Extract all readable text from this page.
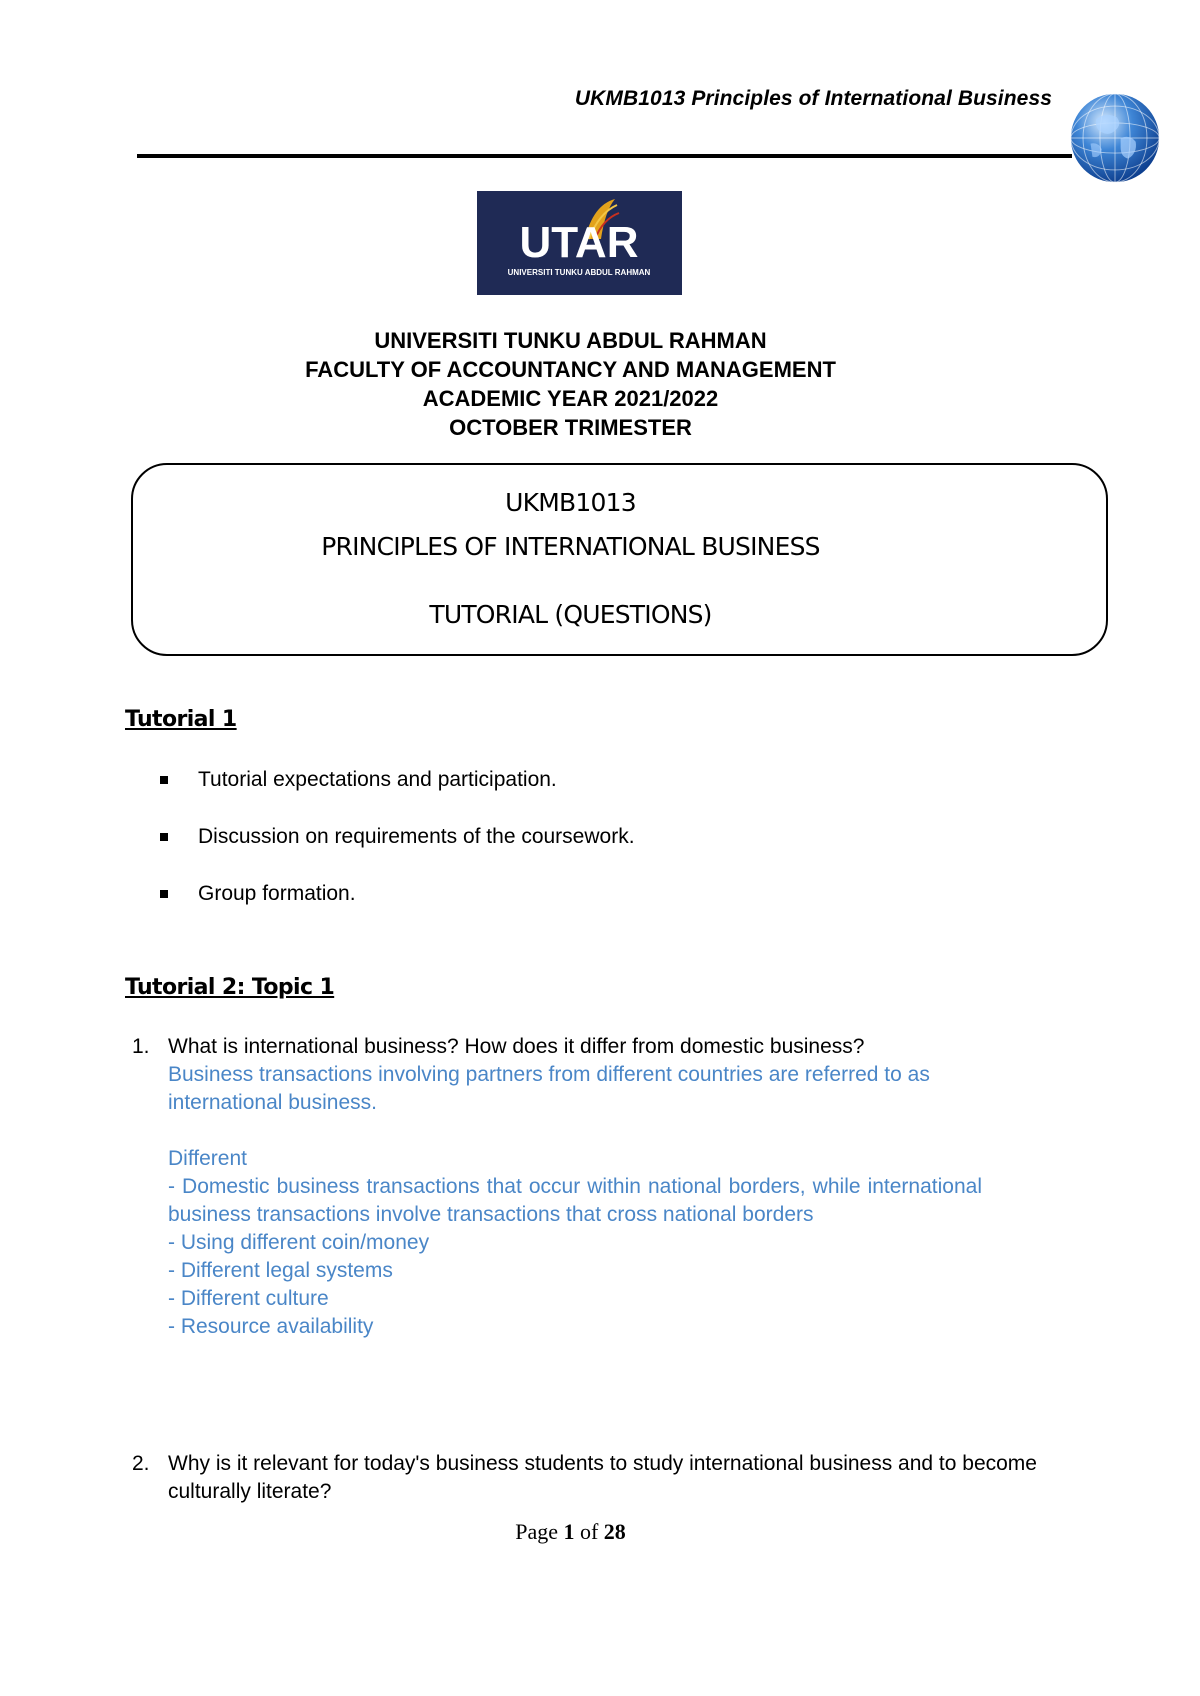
UKMB1013 Principles of International Business
UTAR
UNIVERSITI TUNKU ABDUL RAHMAN
UNIVERSITI TUNKU ABDUL RAHMAN
FACULTY OF ACCOUNTANCY AND MANAGEMENT
ACADEMIC YEAR 2021/2022
OCTOBER TRIMESTER
UKMB1013
PRINCIPLES OF INTERNATIONAL BUSINESS
TUTORIAL (QUESTIONS)
Tutorial 1
Tutorial expectations and participation.
Discussion on requirements of the coursework.
Group formation.
Tutorial 2: Topic 1
1. What is international business? How does it differ from domestic business?

Business transactions involving partners from different countries are referred to as international business.

Different

- Domestic business transactions that occur within national borders, while international business transactions involve transactions that cross national borders

- Using different coin/money

- Different legal systems

- Different culture

- Resource availability

2. Why is it relevant for today's business students to study international business and to become culturally literate?
Page 1 of 28
